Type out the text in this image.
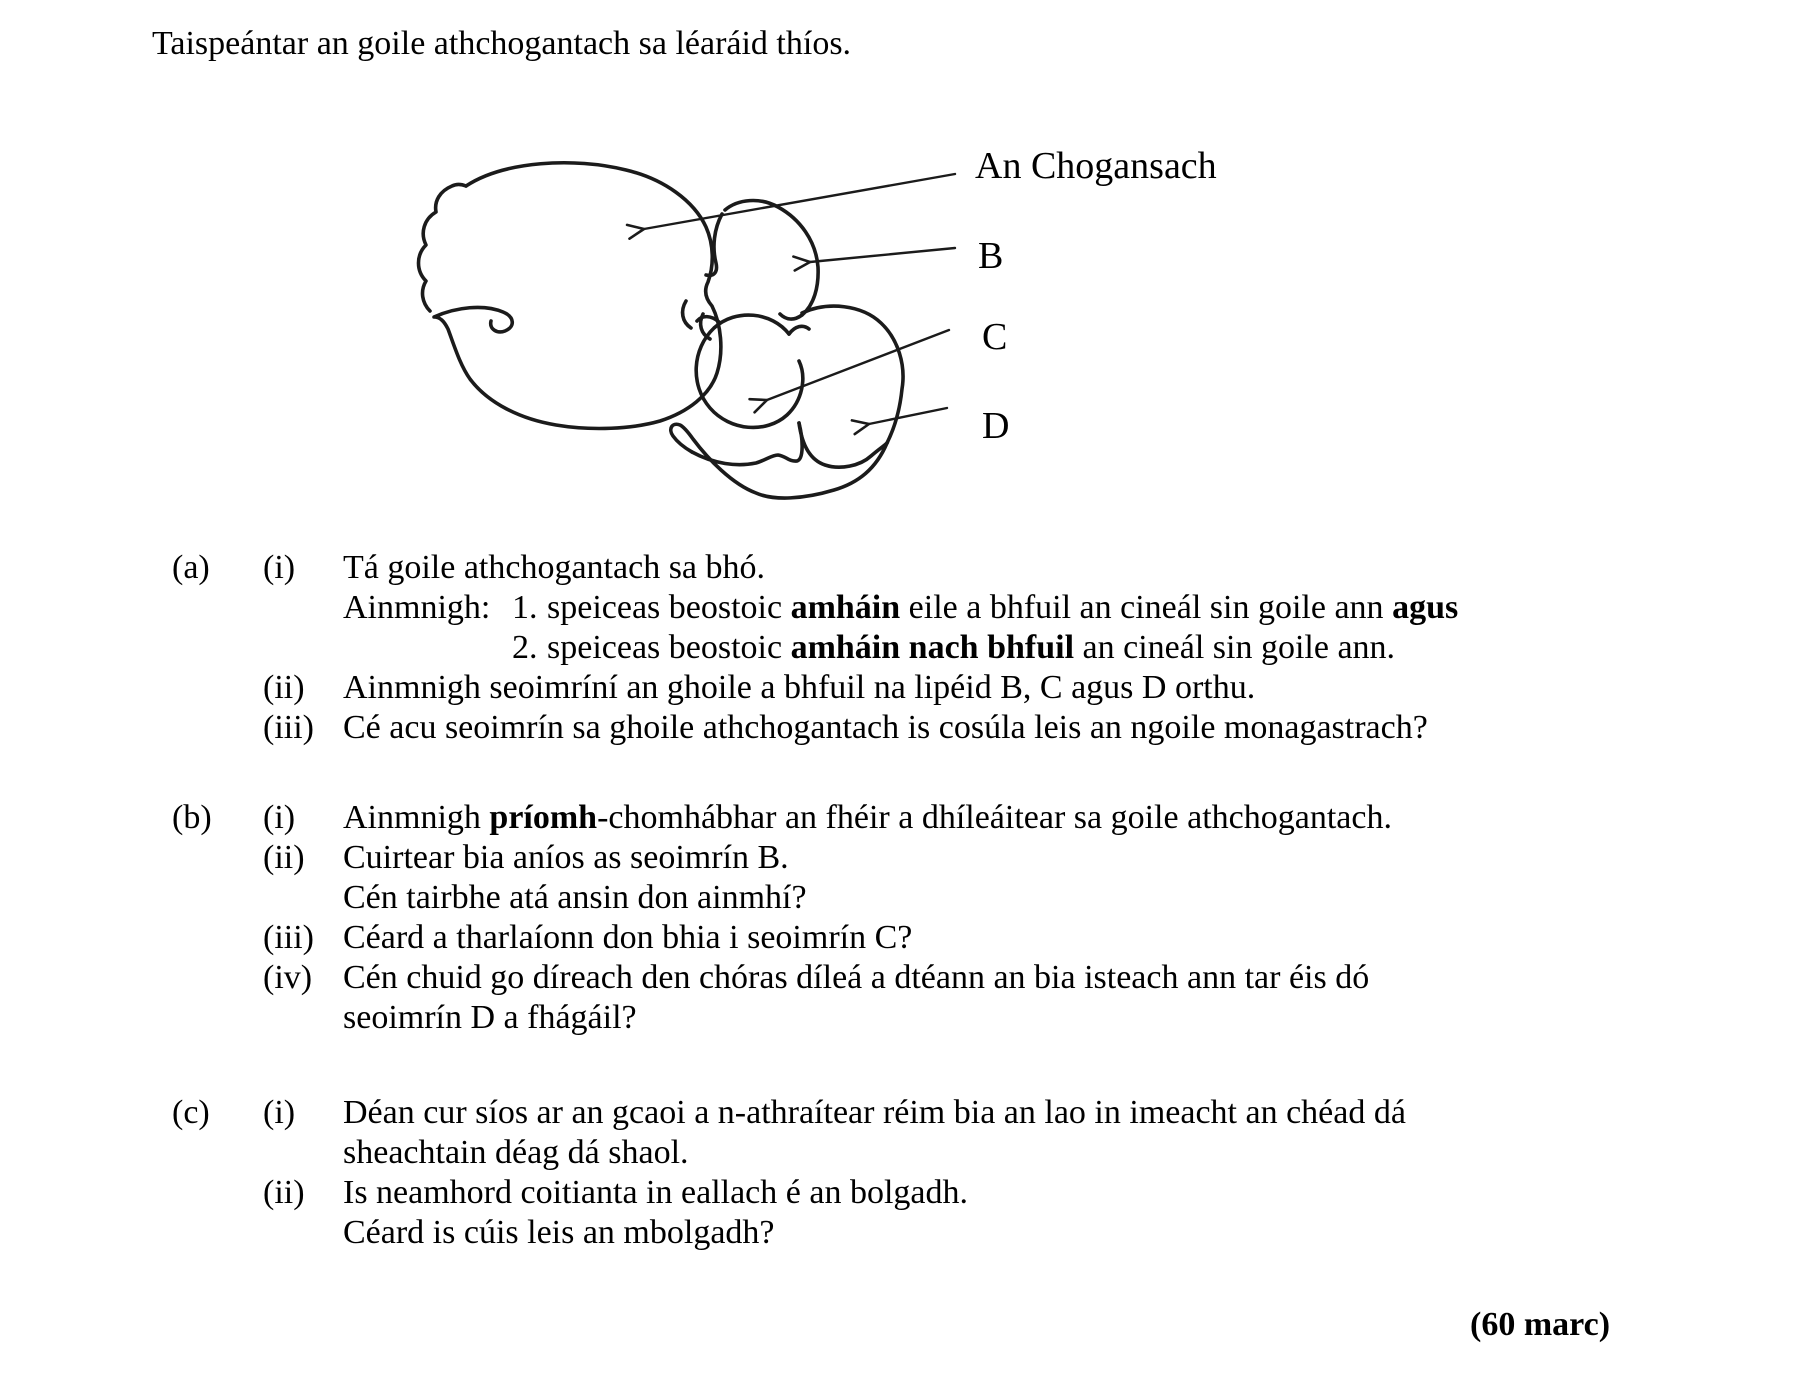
Taispeántar an goile athchogantach sa léaráid thíos.
An Chogansach
B
C
D
(a)	(i)	Tá goile athchogantach sa bhó.
Ainmnigh: 1. speiceas beostoic amháin eile a bhfuil an cineál sin goile ann agus
2. speiceas beostoic amháin nach bhfuil an cineál sin goile ann.
(ii)	Ainmnigh seoimríní an ghoile a bhfuil na lipéid B, C agus D orthu.
(iii) Cé acu seoimrín sa ghoile athchogantach is cosúla leis an ngoile monagastrach?
(b)	(i)	Ainmnigh príomh-chomhábhar an fhéir a dhíleáitear sa goile athchogantach.
(ii)	Cuirtear bia aníos as seoimrín B.
Cén tairbhe atá ansin don ainmhí?
(iii) Céard a tharlaíonn don bhia i seoimrín C?
(iv) Cén chuid go díreach den chóras díleá a dtéann an bia isteach ann tar éis dó
seoimrín D a fhágáil?
(c)	(i)	Déan cur síos ar an gcaoi a n-athraítear réim bia an lao in imeacht an chéad dá
sheachtain déag dá shaol.
(ii)	Is neamhord coitianta in eallach é an bolgadh.
Céard is cúis leis an mbolgadh?
(60 marc)
